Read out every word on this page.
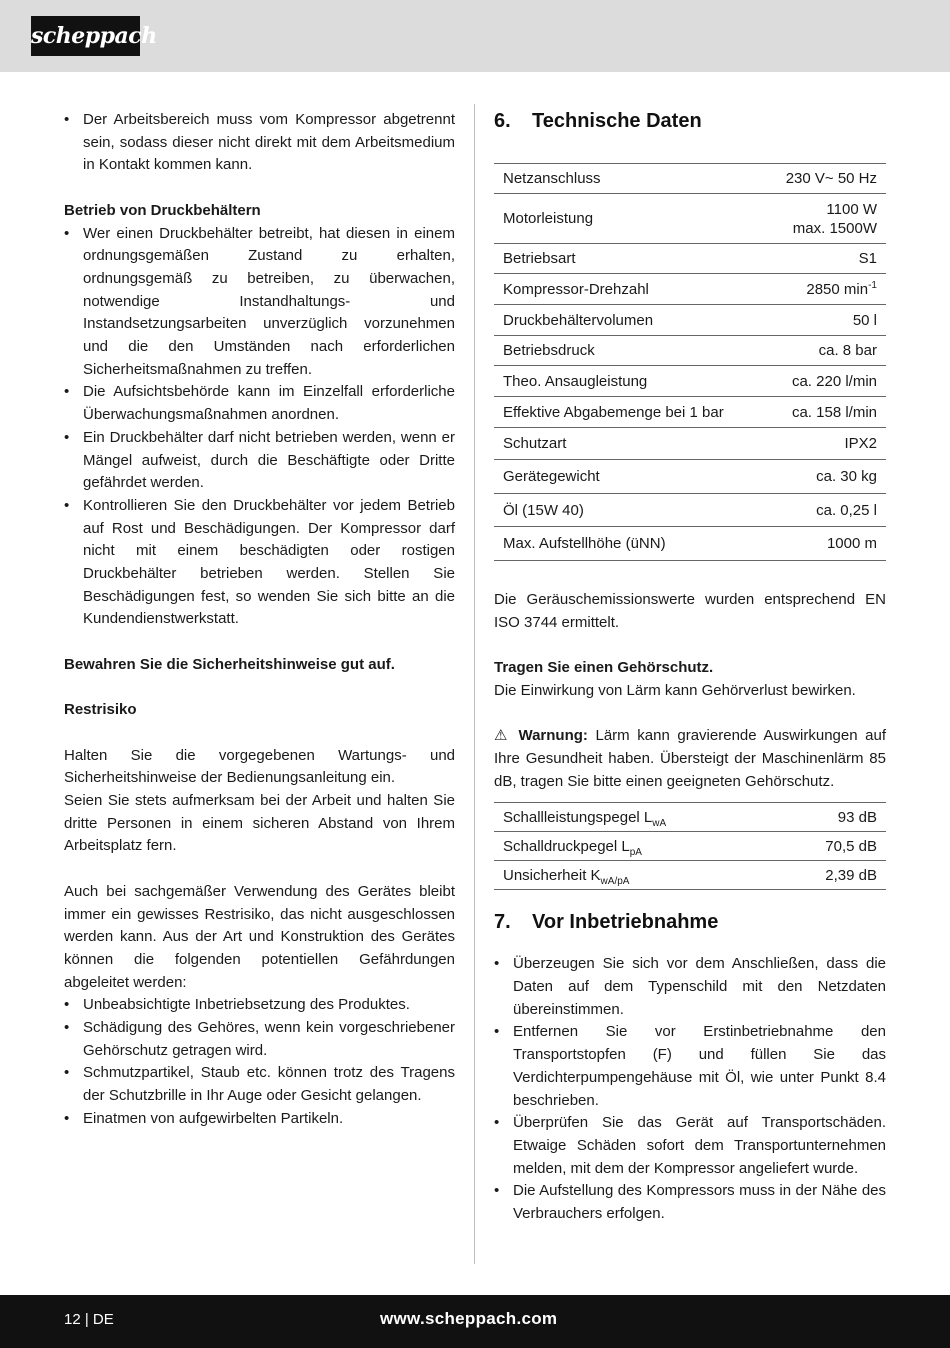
scheppach
• Der Arbeitsbereich muss vom Kompressor abgetrennt sein, sodass dieser nicht direkt mit dem Arbeitsmedium in Kontakt kommen kann.

Betrieb von Druckbehältern

• Wer einen Druckbehälter betreibt, hat diesen in einem ordnungsgemäßen Zustand zu erhalten, ordnungsgemäß zu betreiben, zu überwachen, notwendige Instandhaltungs- und Instandsetzungsarbeiten unverzüglich vorzunehmen und die den Umständen nach erforderlichen Sicherheitsmaßnahmen zu treffen.
• Die Aufsichtsbehörde kann im Einzelfall erforderliche Überwachungsmaßnahmen anordnen.
• Ein Druckbehälter darf nicht betrieben werden, wenn er Mängel aufweist, durch die Beschäftigte oder Dritte gefährdet werden.
• Kontrollieren Sie den Druckbehälter vor jedem Betrieb auf Rost und Beschädigungen. Der Kompressor darf nicht mit einem beschädigten oder rostigen Druckbehälter betrieben werden. Stellen Sie Beschädigungen fest, so wenden Sie sich bitte an die Kundendienstwerkstatt.

Bewahren Sie die Sicherheitshinweise gut auf.

Restrisiko

Halten Sie die vorgegebenen Wartungs- und Sicherheitshinweise der Bedienungsanleitung ein.

Seien Sie stets aufmerksam bei der Arbeit und halten Sie dritte Personen in einem sicheren Abstand von Ihrem Arbeitsplatz fern.

Auch bei sachgemäßer Verwendung des Gerätes bleibt immer ein gewisses Restrisiko, das nicht ausgeschlossen werden kann. Aus der Art und Konstruktion des Gerätes können die folgenden potentiellen Gefährdungen abgeleitet werden:

• Unbeabsichtigte Inbetriebsetzung des Produktes.
• Schädigung des Gehöres, wenn kein vorgeschriebener Gehörschutz getragen wird.
• Schmutzpartikel, Staub etc. können trotz des Tragens der Schutzbrille in Ihr Auge oder Gesicht gelangen.
• Einatmen von aufgewirbelten Partikeln.
6. Technische Daten
Netzanschluss	230 V~ 50 Hz
Motorleistung	1100 W
max. 1500W

Betriebsart	S1
Kompressor-Drehzahl	2850 $\min^{-1}$
Druckbehältervolumen	50 l
Betriebsdruck	ca. 8 bar
Theo. Ansaugleistung	ca. 220 l/min
Effektive Abgabemenge bei 1 bar	ca. 158 l/min
Schutzart	IPX2
Gerätegewicht	ca. 30 kg
Öl (15W 40)	ca. 0,25 l
Max. Aufstellhöhe (üNN)	1000 m

Die Geräuschemissionswerte wurden entsprechend EN ISO 3744 ermittelt.

Tragen Sie einen Gehörschutz.

Die Einwirkung von Lärm kann Gehörverlust bewirken.

⚠ Warnung: Lärm kann gravierende Auswirkungen auf Ihre Gesundheit haben. Übersteigt der Maschinenlärm 85 dB, tragen Sie bitte einen geeigneten Gehörschutz.

Schallleistungspegel $L_{wA}$	93 dB
Schalldruckpegel $L_{pA}$	70,5 dB
Unsicherheit $K_{wA/pA}$	2,39 dB
7. Vor Inbetriebnahme
• Überzeugen Sie sich vor dem Anschließen, dass die Daten auf dem Typenschild mit den Netzdaten übereinstimmen.
• Entfernen Sie vor Erstinbetriebnahme den Transportstopfen (F) und füllen Sie das Verdichterpumpengehäuse mit Öl, wie unter Punkt 8.4 beschrieben.
• Überprüfen Sie das Gerät auf Transportschäden. Etwaige Schäden sofort dem Transportunternehmen melden, mit dem der Kompressor angeliefert wurde.
• Die Aufstellung des Kompressors muss in der Nähe des Verbrauchers erfolgen.
12 | DE	www.scheppach.com
